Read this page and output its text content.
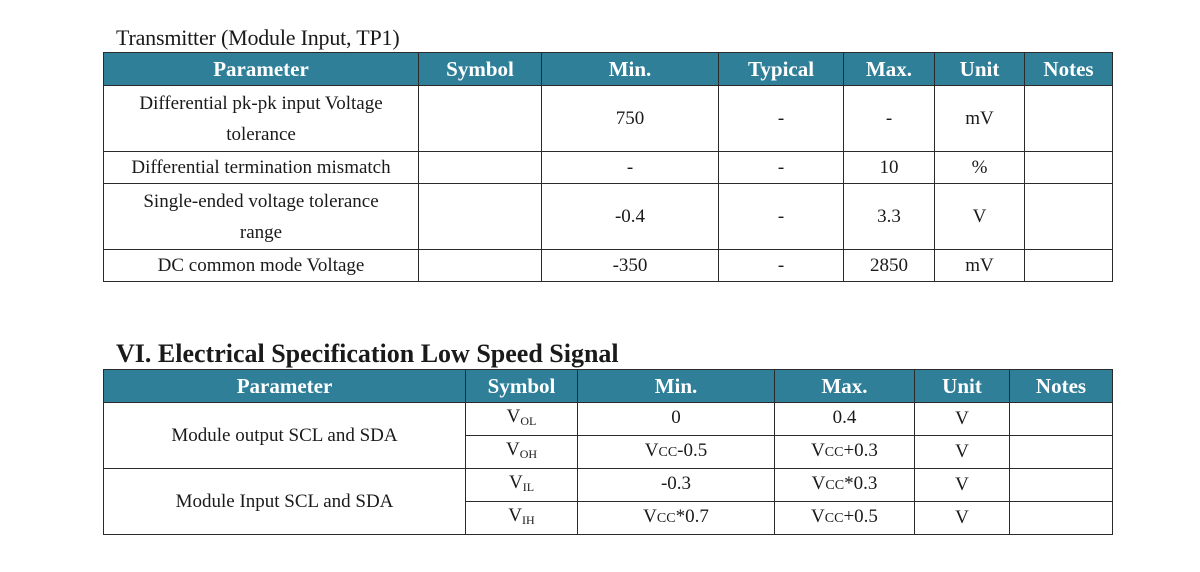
Transmitter (Module Input, TP1)
Parameter	Symbol	Min.	Typical	Max.	Unit	Notes
Differential pk-pk input Voltage tolerance		750	-	-	mV	
Differential termination mismatch		-	-	10	%	
Single-ended voltage tolerance range		-0.4	-	3.3	V	
DC common mode Voltage		-350	-	2850	mV	
VI. Electrical Specification Low Speed Signal
Parameter	Symbol	Min.	Max.	Unit	Notes
Module output SCL and SDA	$V_{OL}$	0	0.4	V	
	$V_{OH}$	VCC-0.5	VCC+0.3	V	
Module Input SCL and SDA	$V_{IL}$	-0.3	VCC*0.3	V	
	$V_{IH}$	VCC*0.7	VCC+0.5	V	
